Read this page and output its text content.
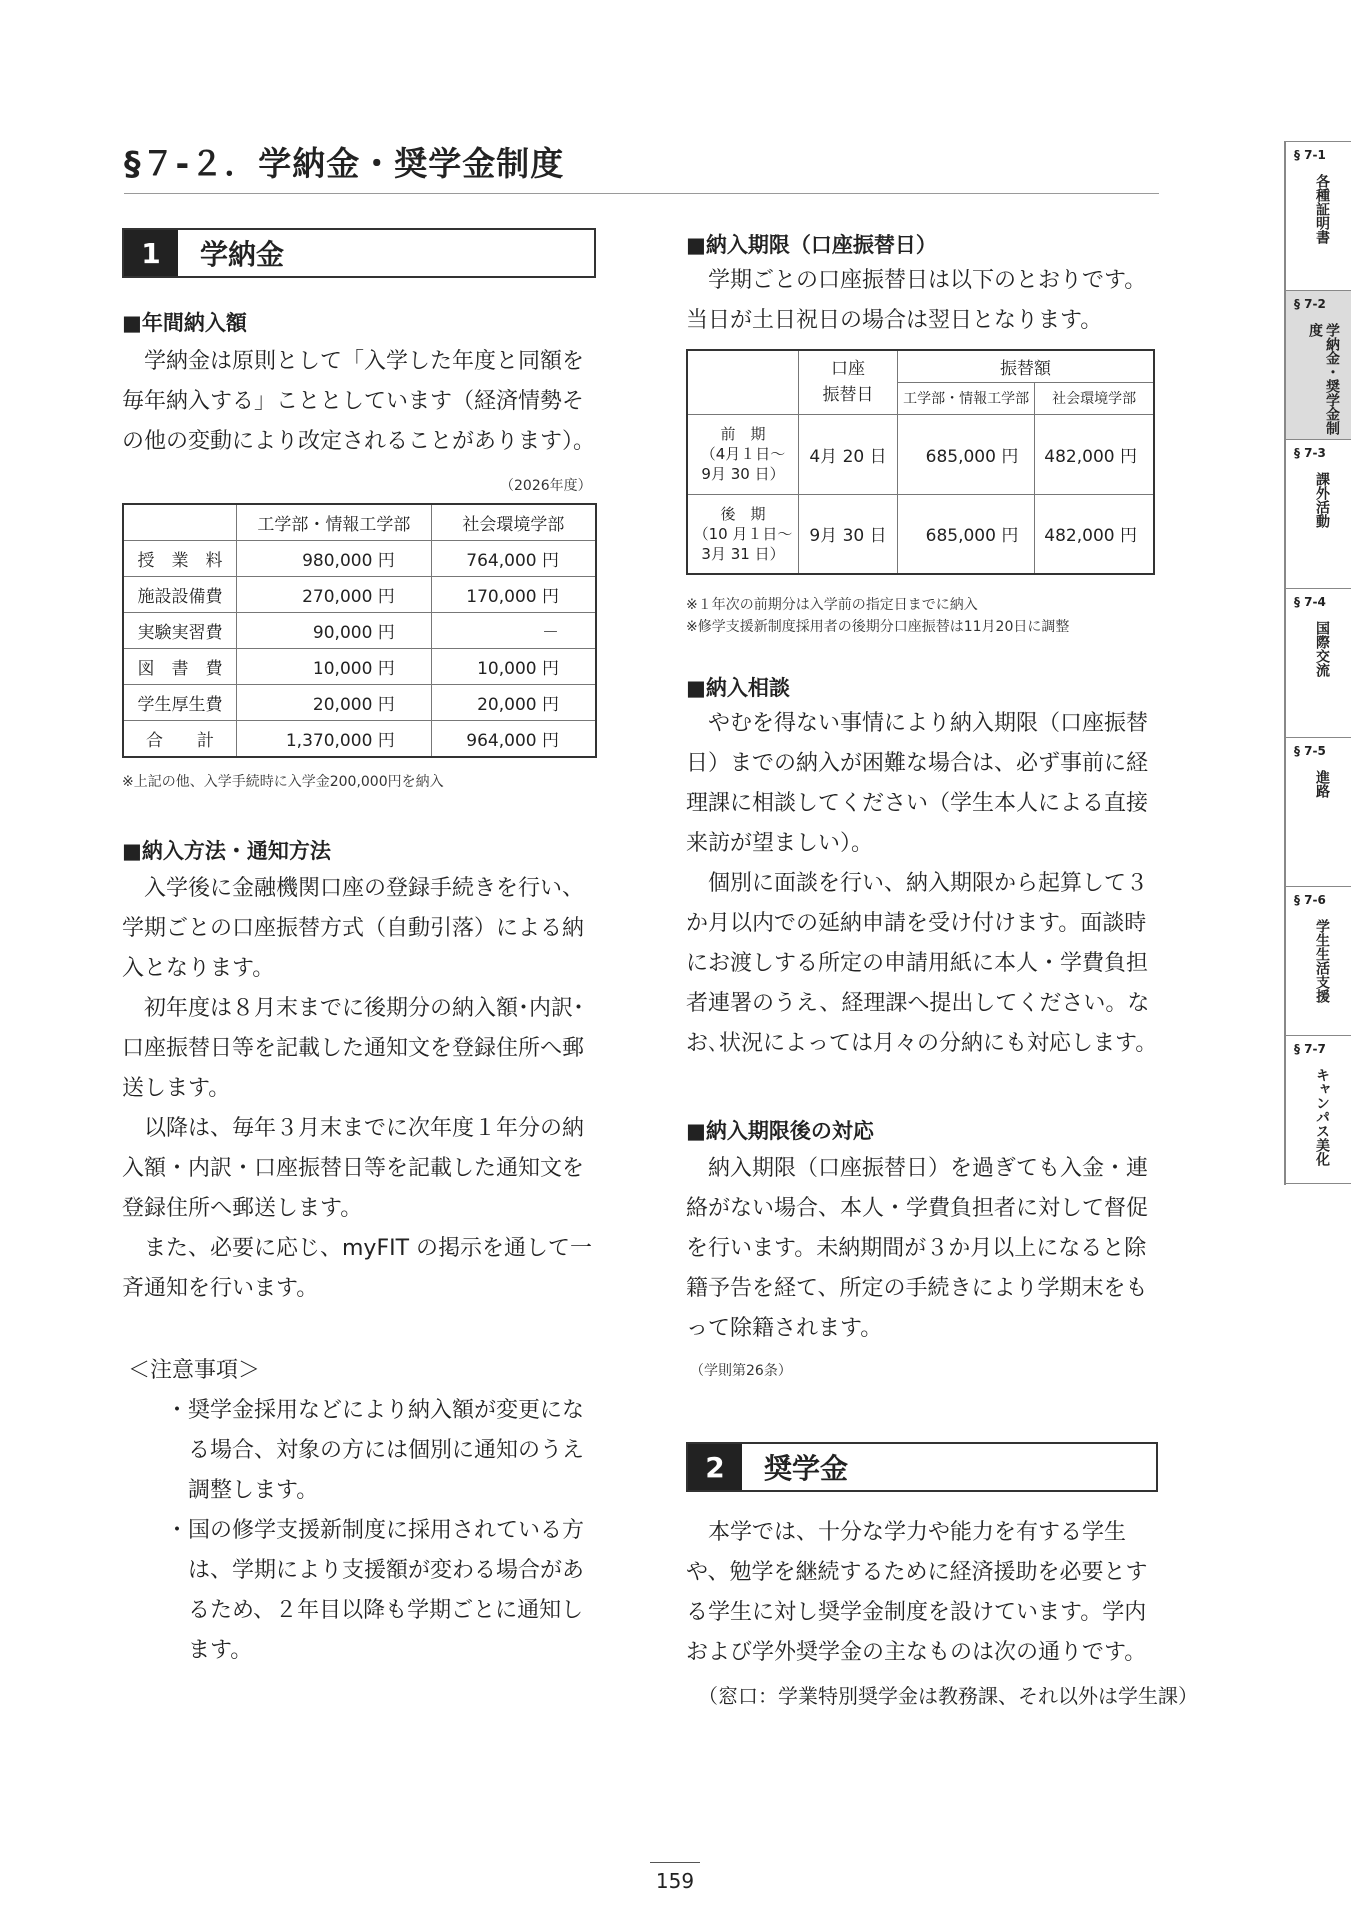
§７-２．学納金・奨学金制度
1	学納金
■年間納入額

学納金は原則として「入学した年度と同額を毎年納入する」こととしています（経済情勢その他の変動により改定されることがあります）。

（2026年度）
	工学部・情報工学部	社会環境学部
授　業　料	980,000 円	764,000 円
施設設備費	270,000 円	170,000 円
実験実習費	90,000 円	－
図　書　費	10,000 円	10,000 円
学生厚生費	20,000 円	20,000 円
合　　計	1,370,000 円	964,000 円
※上記の他、入学手続時に入学金200,000円を納入
■納入方法・通知方法

入学後に金融機関口座の登録手続きを行い、学期ごとの口座振替方式（自動引落）による納入となります。

初年度は８月末までに後期分の納入額･内訳･口座振替日等を記載した通知文を登録住所へ郵送します。

以降は、毎年３月末までに次年度１年分の納入額・内訳・口座振替日等を記載した通知文を登録住所へ郵送します。

また、必要に応じ、myFIT の掲示を通して一斉通知を行います。

＜注意事項＞

・奨学金採用などにより納入額が変更になる場合、対象の方には個別に通知のうえ調整します。

・国の修学支援新制度に採用されている方は、学期により支援額が変わる場合があるため、２年目以降も学期ごとに通知します。

■納入期限（口座振替日）

学期ごとの口座振替日は以下のとおりです。当日が土日祝日の場合は翌日となります。

	口座
振替日	振替額	
		工学部・情報工学部	社会環境学部
前　期
（4月１日～
9月 30 日）	4月 20 日	685,000 円	482,000 円
後　期
（10 月１日～
3月 31 日）	9月 30 日	685,000 円	482,000 円
※１年次の前期分は入学前の指定日までに納入
※修学支援新制度採用者の後期分口座振替は11月20日に調整
■納入相談

やむを得ない事情により納入期限（口座振替日）までの納入が困難な場合は、必ず事前に経理課に相談してください（学生本人による直接来訪が望ましい）。

個別に面談を行い、納入期限から起算して３か月以内での延納申請を受け付けます。面談時にお渡しする所定の申請用紙に本人・学費負担者連署のうえ、経理課へ提出してください。なお､状況によっては月々の分納にも対応します。

■納入期限後の対応

納入期限（口座振替日）を過ぎても入金・連絡がない場合、本人・学費負担者に対して督促を行います。未納期間が３か月以上になると除籍予告を経て、所定の手続きにより学期末をもって除籍されます。

（学則第26条）
2	奨学金

本学では、十分な学力や能力を有する学生や、勉学を継続するために経済援助を必要とする学生に対し奨学金制度を設けています。学内および学外奨学金の主なものは次の通りです。

（窓口：学業特別奨学金は教務課、それ以外は学生課）
§ 7-1
各種証明書
§ 7-2
学納金・奨学金制度
§ 7-3
課外活動
§ 7-4
国際交流
§ 7-5
進路
§ 7-6
学生生活支援
§ 7-7
キャンパス美化
159
